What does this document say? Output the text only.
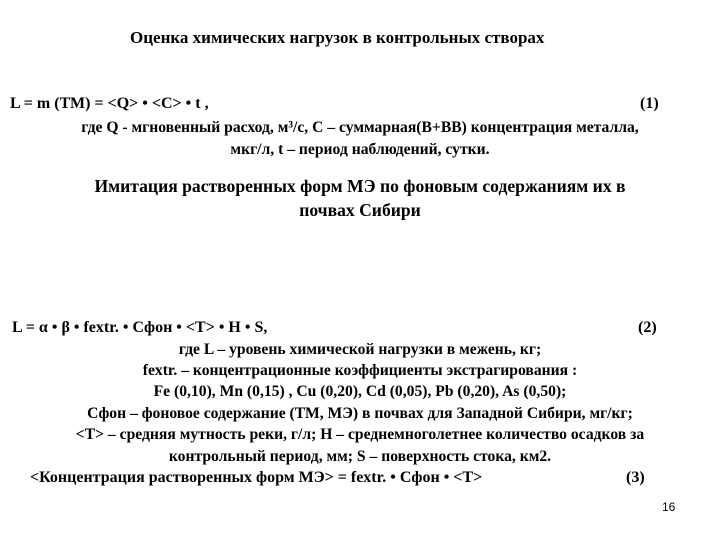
Оценка химических нагрузок в контрольных створах
L = m (ТМ) = <Q> • <C> • t ,	(1)
где Q - мгновенный расход, м³/с, С – суммарная(В+ВВ) концентрация металла,
мкг/л, t – период наблюдений, сутки.
Имитация растворенных форм МЭ по фоновым содержаниям их в
почвах Сибири
L = α • β • fextr. • Cфон • <T> • H • S,	(2)
где L – уровень химической нагрузки в межень, кг;
fextr. – концентрационные коэффициенты экстрагирования :
Fe (0,10), Mn (0,15) , Cu (0,20), Cd (0,05), Pb (0,20), As (0,50);
Cфон – фоновое содержание (ТМ, МЭ) в почвах для Западной Сибири, мг/кг;
<T> – средняя мутность реки, г/л; H – среднемноголетнее количество осадков за
контрольный период, мм; S – поверхность стока, км2.
<Концентрация растворенных форм МЭ> = fextr. • Cфон • <T>	(3)
16
